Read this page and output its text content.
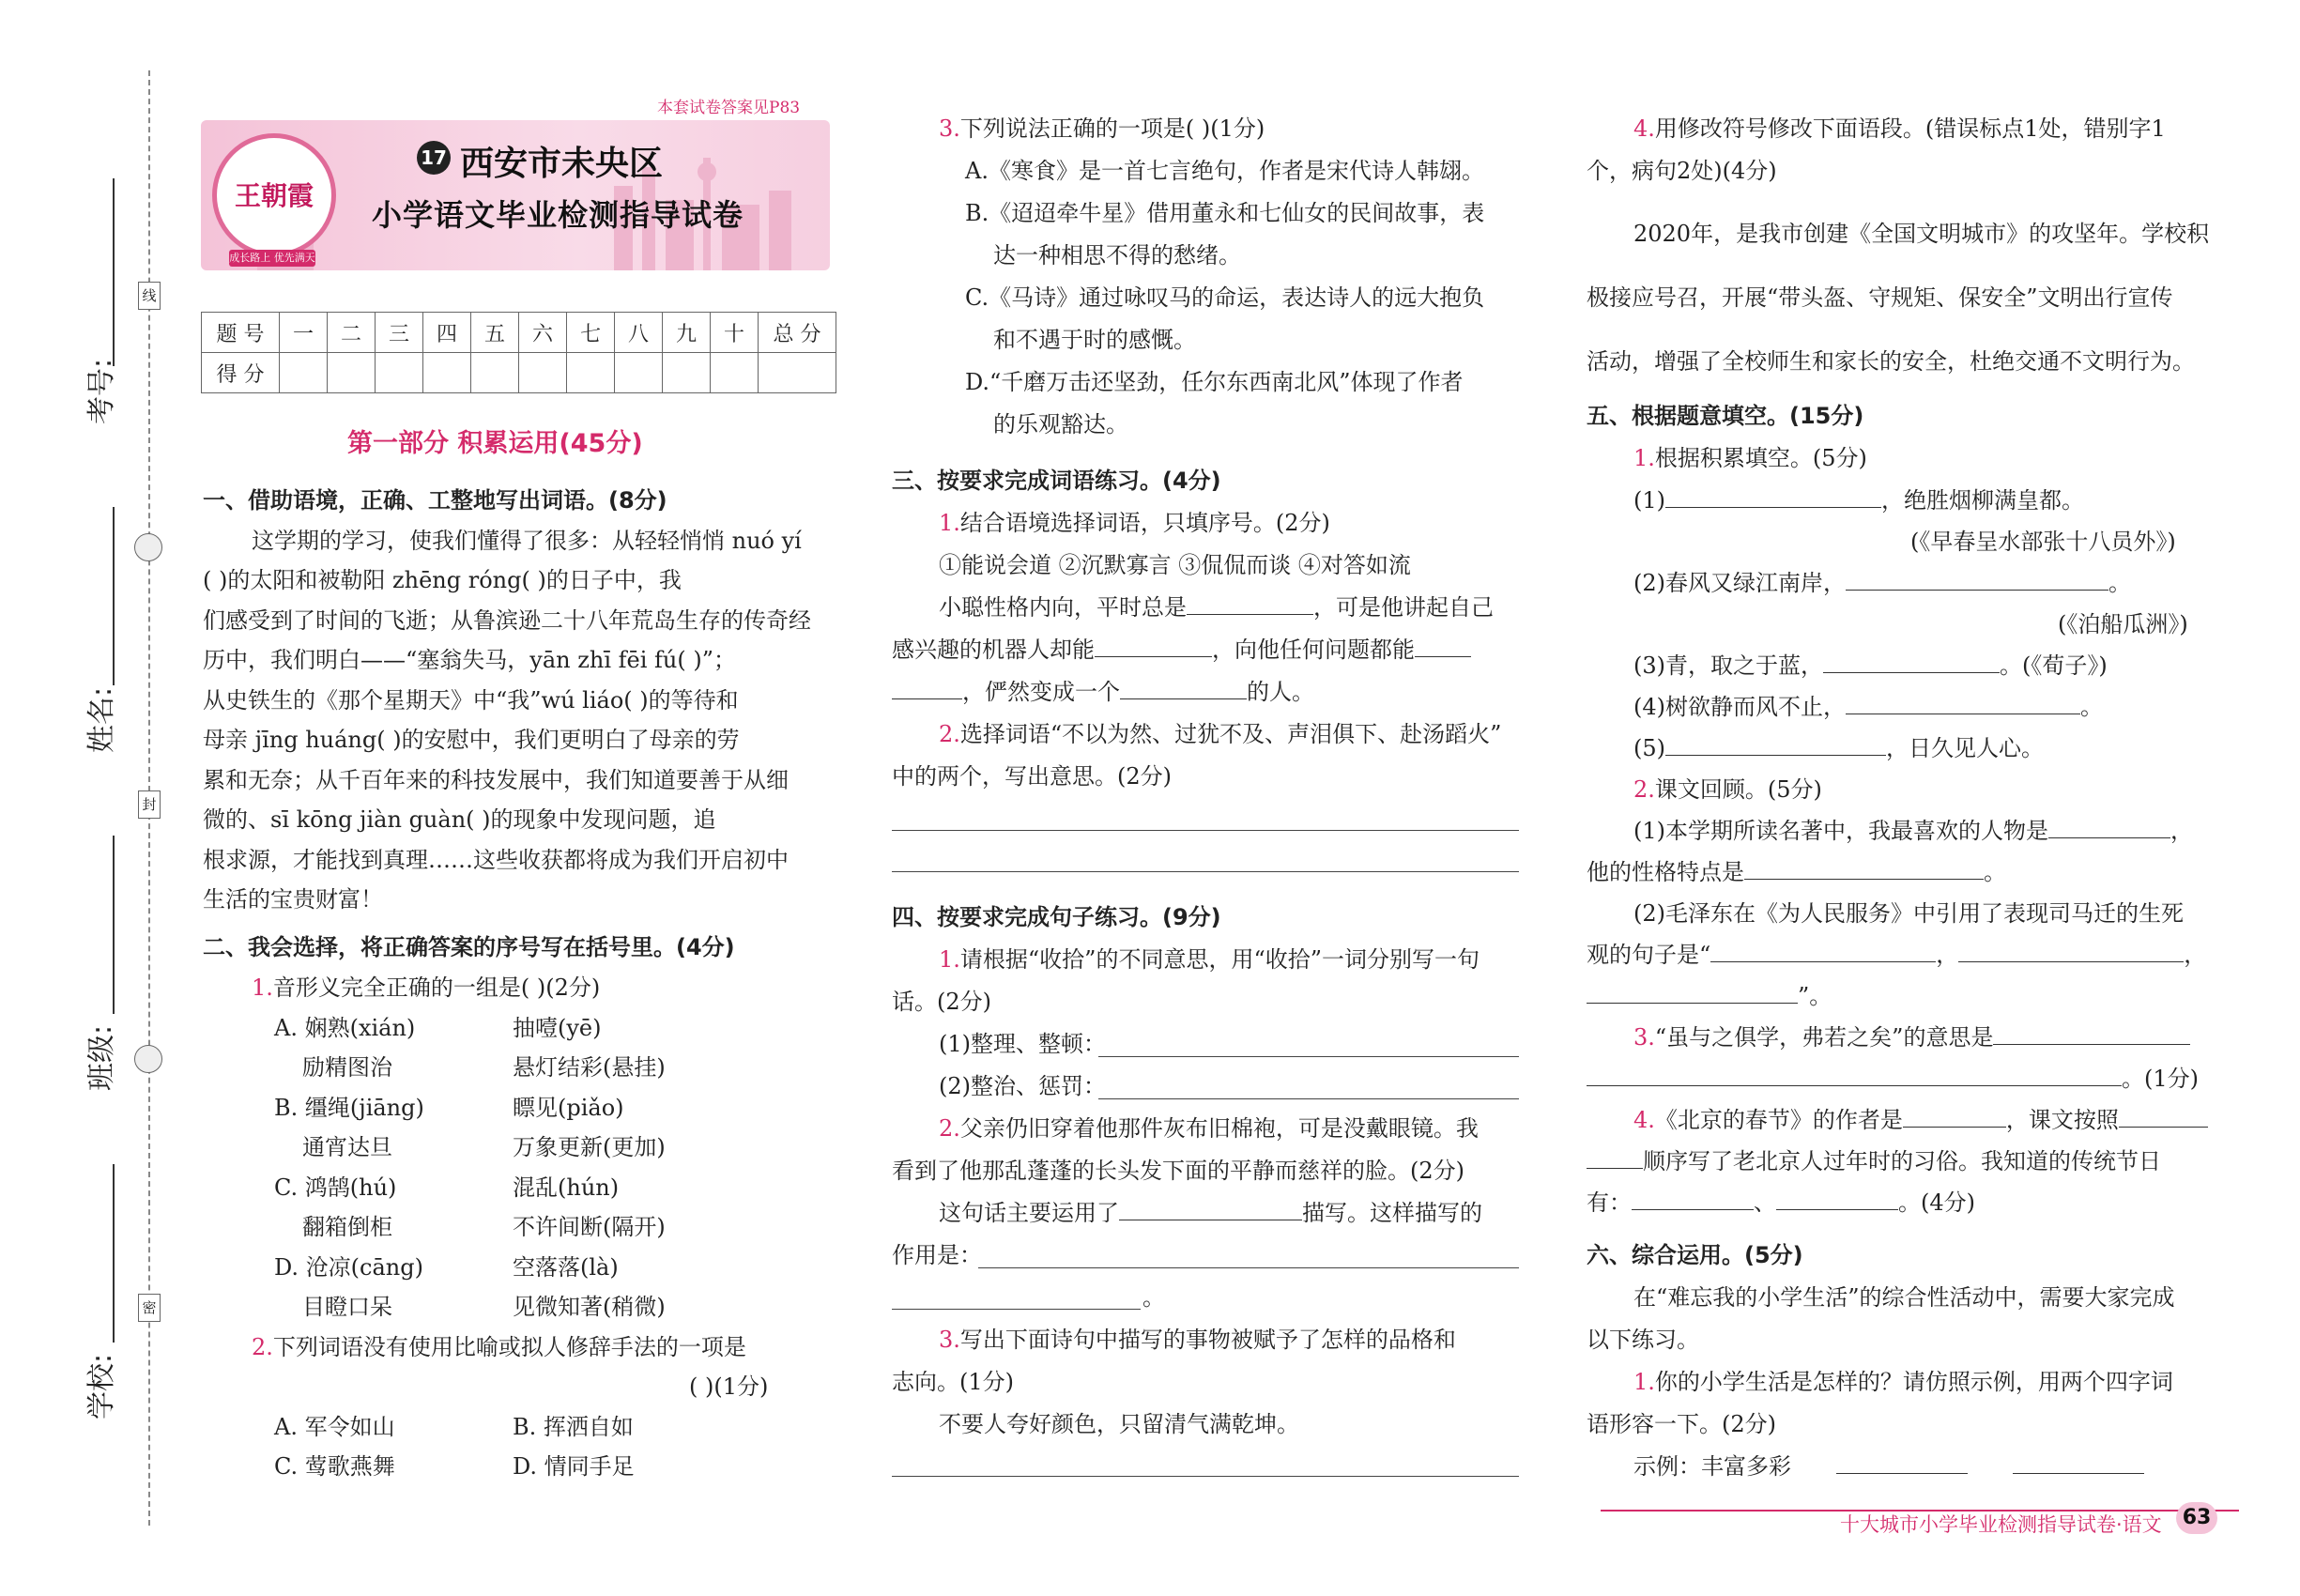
线
封
密
考号:
姓名:
班级:
学校:
本套试卷答案见P83
王朝霞
成长路上 优先满天
17 西安市未央区
小学语文毕业检测指导试卷
题 号	一	二	三	四	五	六	七	八	九	十	总 分
得 分											
第一部分 积累运用(45分)
一、借助语境，正确、工整地写出词语。(8分)
这学期的学习，使我们懂得了很多：从轻轻悄悄 nuó yí
( )的太阳和被勒阳 zhēng róng( )的日子中，我
们感受到了时间的飞逝；从鲁滨逊二十八年荒岛生存的传奇经
历中，我们明白——“塞翁失马，yān zhī fēi fú( )”；
从史铁生的《那个星期天》中“我”wú liáo( )的等待和
母亲 jīng huáng( )的安慰中，我们更明白了母亲的劳
累和无奈；从千百年来的科技发展中，我们知道要善于从细
微的、sī kōng jiàn guàn( )的现象中发现问题，追
根求源，才能找到真理……这些收获都将成为我们开启初中
生活的宝贵财富！
二、我会选择，将正确答案的序号写在括号里。(4分)
1.音形义完全正确的一组是( )(2分)
A. 娴熟(xián)	抽噎(yē)
励精图治	悬灯结彩(悬挂)
B. 缰绳(jiāng)	瞟见(piǎo)
通宵达旦	万象更新(更加)
C. 鸿鹄(hú)	混乱(hún)
翻箱倒柜	不许间断(隔开)
D. 沧凉(cāng)	空落落(là)
目瞪口呆	见微知著(稍微)
2.下列词语没有使用比喻或拟人修辞手法的一项是
( )(1分)
A. 军令如山	B. 挥洒自如
C. 莺歌燕舞	D. 情同手足
3.下列说法正确的一项是( )(1分)
A.《寒食》是一首七言绝句，作者是宋代诗人韩翃。
B.《迢迢牵牛星》借用董永和七仙女的民间故事，表
达一种相思不得的愁绪。
C.《马诗》通过咏叹马的命运，表达诗人的远大抱负
和不遇于时的感慨。
D.“千磨万击还坚劲，任尔东西南北风”体现了作者
的乐观豁达。
三、按要求完成词语练习。(4分)
1.结合语境选择词语，只填序号。(2分)
①能说会道 ②沉默寡言 ③侃侃而谈 ④对答如流
小聪性格内向，平时总是	，可是他讲起自己
感兴趣的机器人却能	，向他任何问题都能
，俨然变成一个	的人。
2.选择词语“不以为然、过犹不及、声泪俱下、赴汤蹈火”
中的两个，写出意思。(2分)
四、按要求完成句子练习。(9分)
1.请根据“收拾”的不同意思，用“收拾”一词分别写一句
话。(2分)
(1)整理、整顿：
(2)整治、惩罚：
2.父亲仍旧穿着他那件灰布旧棉袍，可是没戴眼镜。我
看到了他那乱蓬蓬的长头发下面的平静而慈祥的脸。(2分)
这句话主要运用了	描写。这样描写的
作用是：
。
3.写出下面诗句中描写的事物被赋予了怎样的品格和
志向。(1分)
不要人夸好颜色，只留清气满乾坤。
4.用修改符号修改下面语段。(错误标点1处，错别字1
个，病句2处)(4分)
2020年，是我市创建《全国文明城市》的攻坚年。学校积
极接应号召，开展“带头盔、守规矩、保安全”文明出行宣传
活动，增强了全校师生和家长的安全，杜绝交通不文明行为。
五、根据题意填空。(15分)
1.根据积累填空。(5分)
(1)	，绝胜烟柳满皇都。
(《早春呈水部张十八员外》)
(2)春风又绿江南岸，	。
(《泊船瓜洲》)
(3)青，取之于蓝，	。(《荀子》)
(4)树欲静而风不止，	。
(5)	，日久见人心。
2.课文回顾。(5分)
(1)本学期所读名著中，我最喜欢的人物是	，
他的性格特点是	。
(2)毛泽东在《为人民服务》中引用了表现司马迁的生死
观的句子是“	，	，
”。
3.“虽与之俱学，弗若之矣”的意思是
。(1分)
4.《北京的春节》的作者是	，课文按照
顺序写了老北京人过年时的习俗。我知道的传统节日
有：	、	。(4分)
六、综合运用。(5分)
在“难忘我的小学生活”的综合性活动中，需要大家完成
以下练习。
1.你的小学生活是怎样的？请仿照示例，用两个四字词
语形容一下。(2分)
示例：丰富多彩
十大城市小学毕业检测指导试卷·语文	63
